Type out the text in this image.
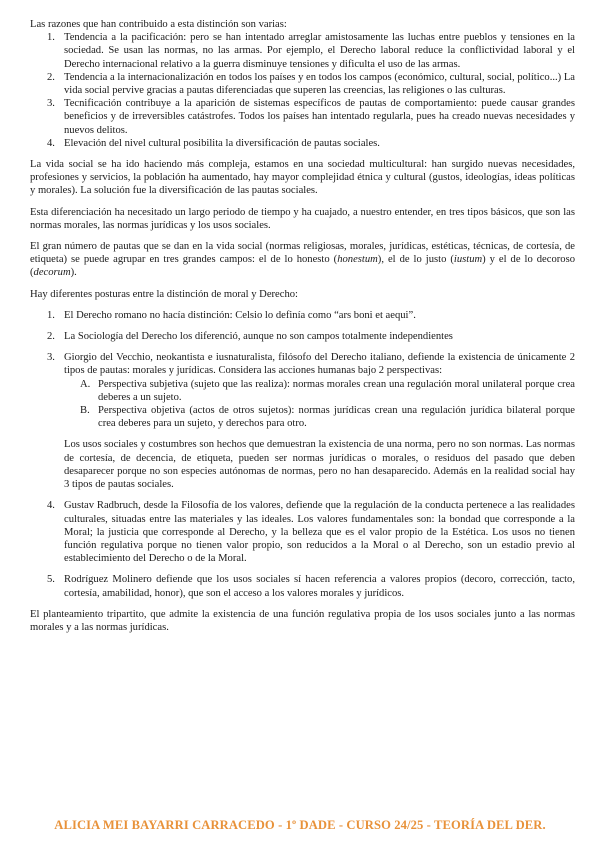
Las razones que han contribuido a esta distinción son varias:

1. Tendencia a la pacificación: pero se han intentado arreglar amistosamente las luchas entre pueblos y tensiones en la sociedad. Se usan las normas, no las armas. Por ejemplo, el Derecho laboral reduce la conflictividad laboral y el Derecho internacional relativo a la guerra disminuye tensiones y dificulta el uso de las armas.
2. Tendencia a la internacionalización en todos los países y en todos los campos (económico, cultural, social, político...) La vida social pervive gracias a pautas diferenciadas que superen las creencias, las religiones o las culturas.
3. Tecnificación contribuye a la aparición de sistemas específicos de pautas de comportamiento: puede causar grandes beneficios y de irreversibles catástrofes. Todos los países han intentado regularla, pues ha creado nuevas necesidades y nuevos delitos.
4. Elevación del nivel cultural posibilita la diversificación de pautas sociales.

La vida social se ha ido haciendo más compleja, estamos en una sociedad multicultural: han surgido nuevas necesidades, profesiones y servicios, la población ha aumentado, hay mayor complejidad étnica y cultural (gustos, ideologías, ideas políticas y morales). La solución fue la diversificación de las pautas sociales.

Esta diferenciación ha necesitado un largo periodo de tiempo y ha cuajado, a nuestro entender, en tres tipos básicos, que son las normas morales, las normas jurídicas y los usos sociales.

El gran número de pautas que se dan en la vida social (normas religiosas, morales, jurídicas, estéticas, técnicas, de cortesía, de etiqueta) se puede agrupar en tres grandes campos: el de lo honesto (honestum), el de lo justo (iustum) y el de lo decoroso (decorum).

Hay diferentes posturas entre la distinción de moral y Derecho:

1. El Derecho romano no hacía distinción: Celsio lo definía como “ars boni et aequi”.
2. La Sociología del Derecho los diferenció, aunque no son campos totalmente independientes
3. Giorgio del Vecchio, neokantista e iusnaturalista, filósofo del Derecho italiano, defiende la existencia de únicamente 2 tipos de pautas: morales y jurídicas. Considera las acciones humanas bajo 2 perspectivas:
A. Perspectiva subjetiva (sujeto que las realiza): normas morales crean una regulación moral unilateral porque crea deberes a un sujeto.
B. Perspectiva objetiva (actos de otros sujetos): normas jurídicas crean una regulación jurídica bilateral porque crea deberes para un sujeto, y derechos para otro.

Los usos sociales y costumbres son hechos que demuestran la existencia de una norma, pero no son normas. Las normas de cortesía, de decencia, de etiqueta, pueden ser normas jurídicas o morales, o residuos del pasado que deben desaparecer porque no son especies autónomas de normas, pero no han desaparecido. Además en la realidad social hay 3 tipos de pautas sociales.

4. Gustav Radbruch, desde la Filosofía de los valores, defiende que la regulación de la conducta pertenece a las realidades culturales, situadas entre las materiales y las ideales. Los valores fundamentales son: la bondad que corresponde a la Moral; la justicia que corresponde al Derecho, y la belleza que es el valor propio de la Estética. Los usos no tienen función regulativa porque no tienen valor propio, son reducidos a la Moral o al Derecho, son un estadio previo al establecimiento del Derecho o de la Moral.
5. Rodríguez Molinero defiende que los usos sociales sí hacen referencia a valores propios (decoro, corrección, tacto, cortesía, amabilidad, honor), que son el acceso a los valores morales y jurídicos.

El planteamiento tripartito, que admite la existencia de una función regulativa propia de los usos sociales junto a las normas morales y a las normas jurídicas.

ALICIA MEI BAYARRI CARRACEDO - 1º DADE - CURSO 24/25 - TEORÍA DEL DER.
